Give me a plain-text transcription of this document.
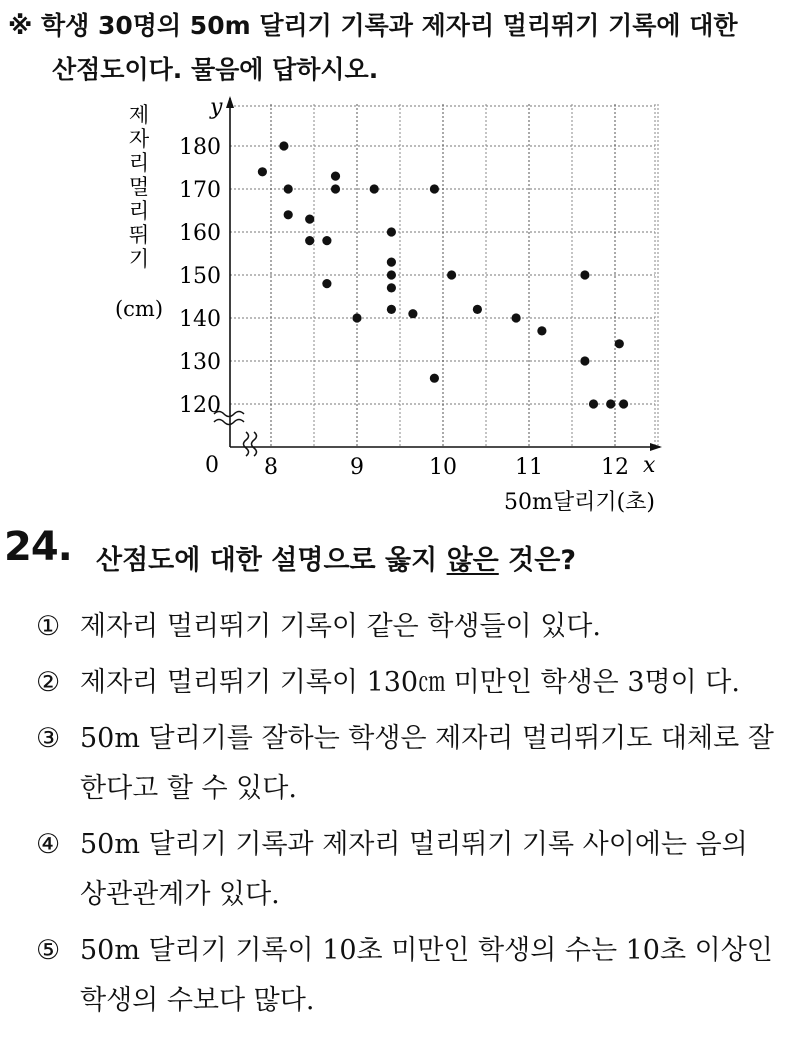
※ 학생 30명의 50m 달리기 기록과 제자리 멀리뛰기 기록에 대한
산점도이다. 물음에 답하시오.
제
자
리
멀
리
뛰
기
(cm)
y
x
0
120
130
140
150
160
170
180
8	9	10	11	12
50m달리기(초)
24. 산점도에 대한 설명으로 옳지 않은 것은?
① 제자리 멀리뛰기 기록이 같은 학생들이 있다.
② 제자리 멀리뛰기 기록이 130㎝ 미만인 학생은 3명이 다.
③ 50m 달리기를 잘하는 학생은 제자리 멀리뛰기도 대체로 잘한다고 할 수 있다.
④ 50m 달리기 기록과 제자리 멀리뛰기 기록 사이에는 음의 상관관계가 있다.
⑤ 50m 달리기 기록이 10초 미만인 학생의 수는 10초 이상인 학생의 수보다 많다.
